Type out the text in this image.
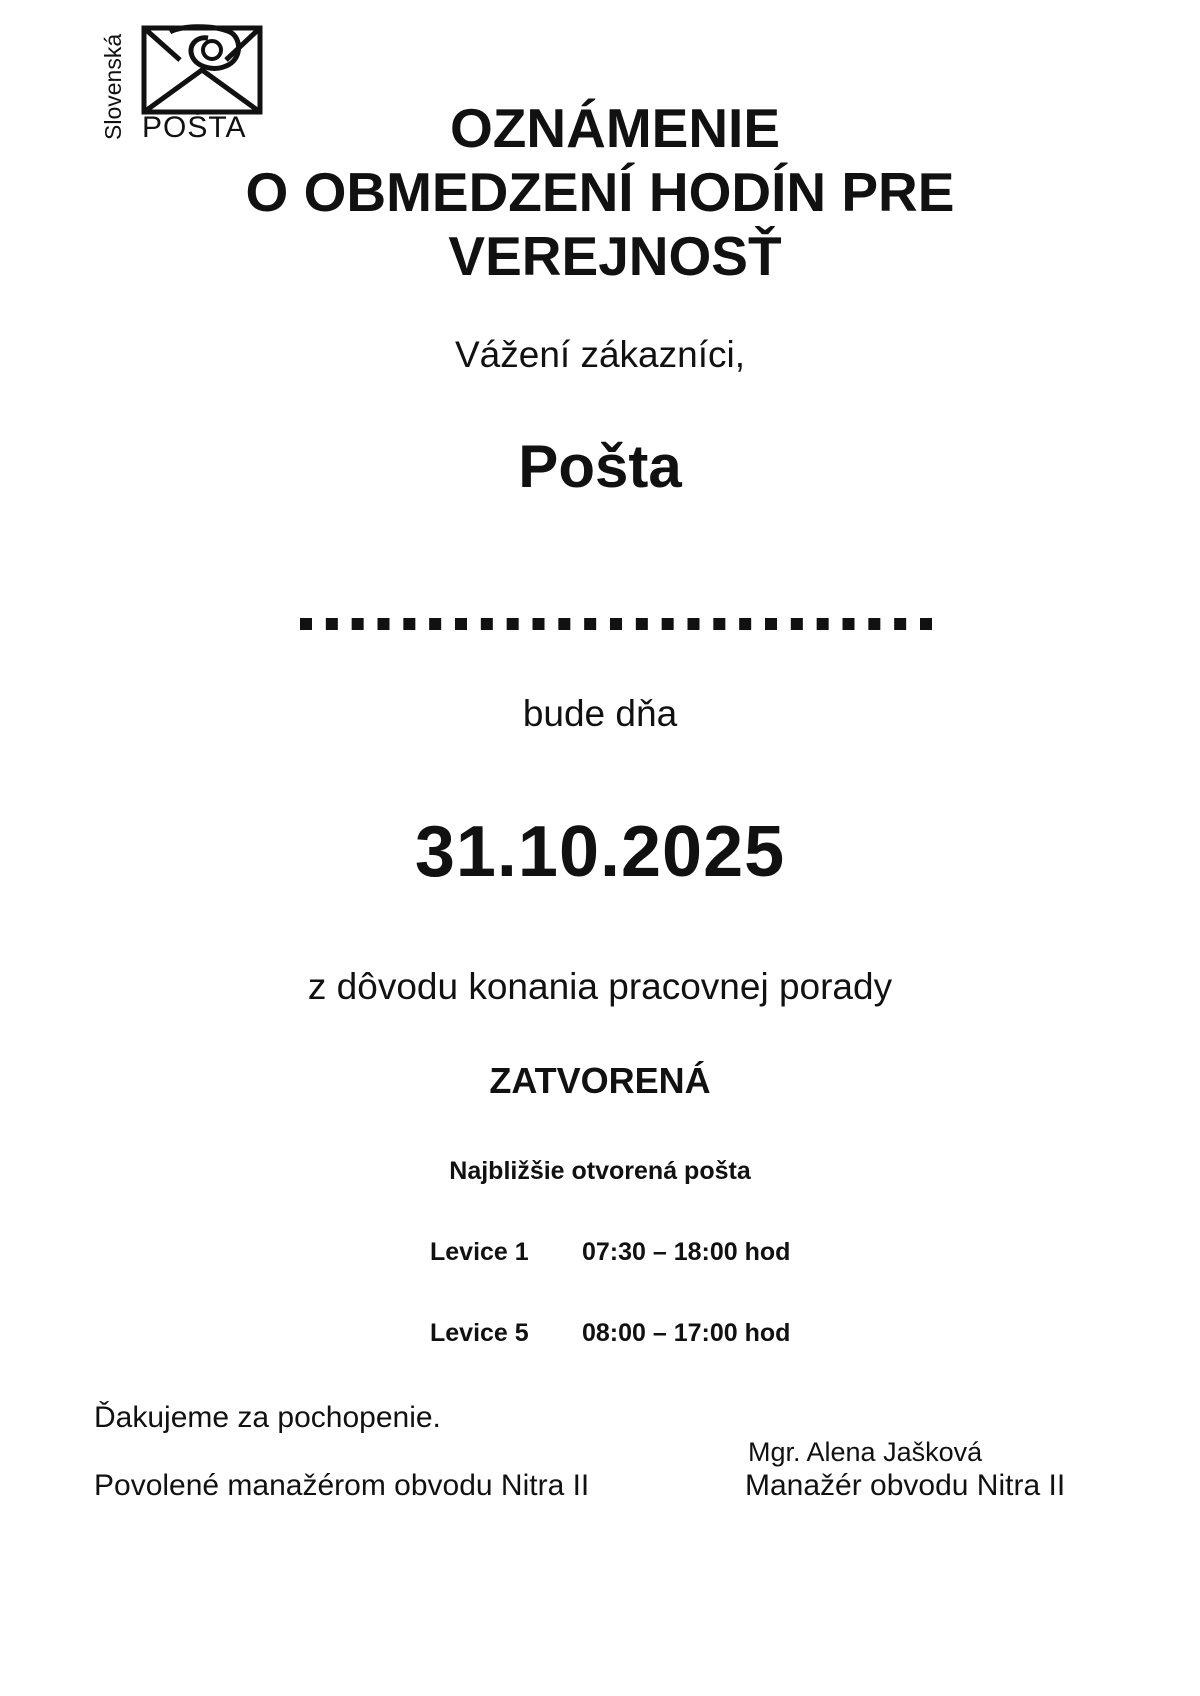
Slovenská POŠTA	OZNÁMENIE
O OBMEDZENÍ HODÍN PRE
VEREJNOSŤ
Vážení zákazníci,
Pošta
bude dňa
31.10.2025
z dôvodu konania pracovnej porady
ZATVORENÁ
Najbližšie otvorená pošta
Levice 1 07:30 – 18:00 hod
Levice 5 08:00 – 17:00 hod
Ďakujeme za pochopenie.
Povolené manažérom obvodu Nitra II
Mgr. Alena Jašková
Manažér obvodu Nitra II
